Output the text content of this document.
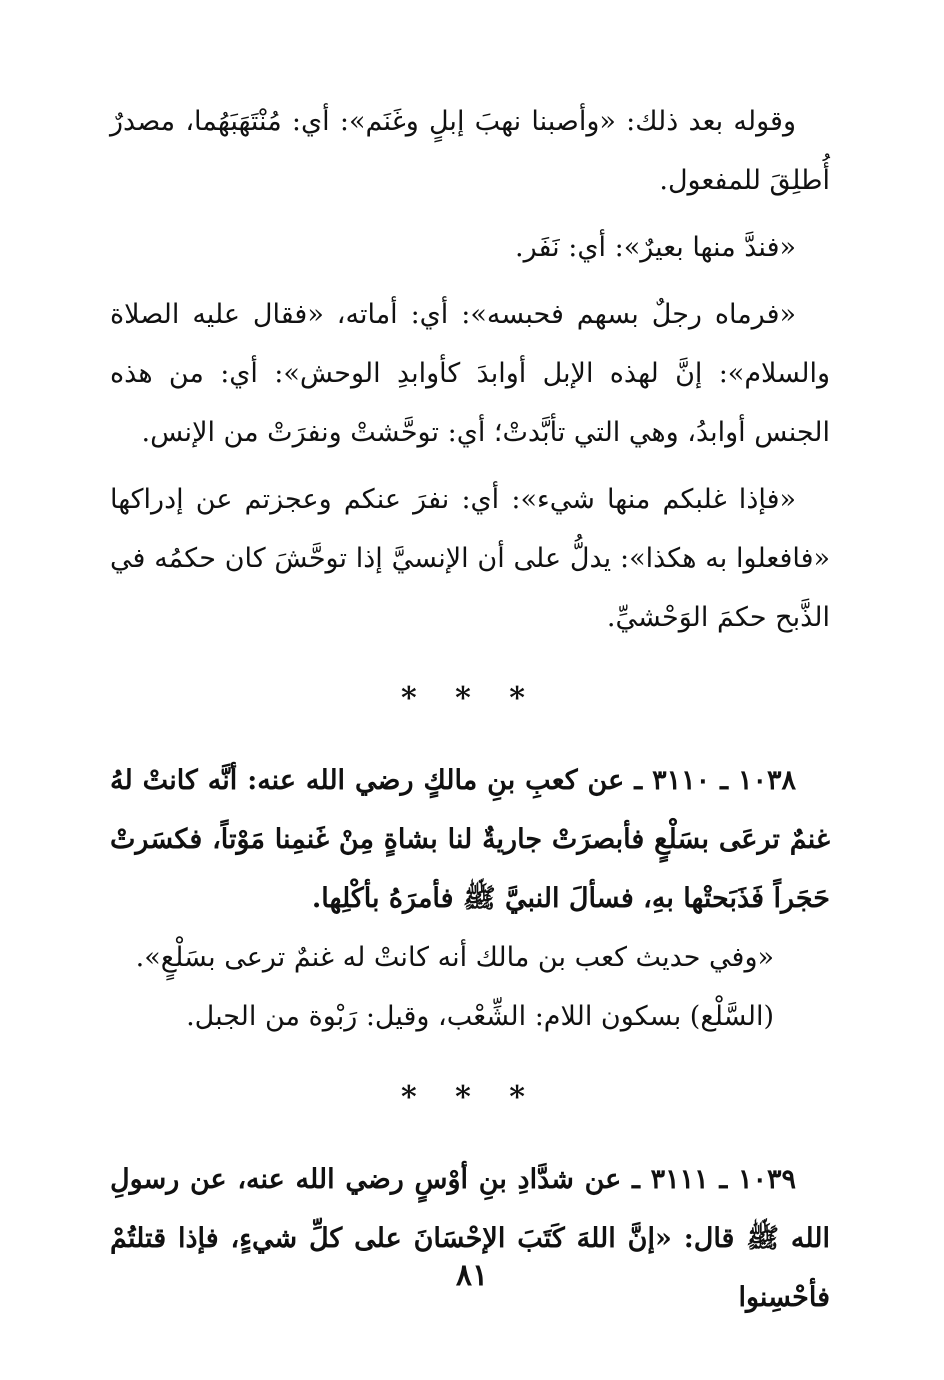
وقوله بعد ذلك: «وأصبنا نهبَ إبلٍ وغَنَم»: أي: مُنْتَهَبَهُما، مصدرٌ أُطلِقَ للمفعول.

«فندَّ منها بعيرٌ»: أي: نَفَر.

«فرماه رجلٌ بسهم فحبسه»: أي: أماته، «فقال عليه الصلاة والسلام»: إنَّ لهذه الإبل أوابدَ كأوابدِ الوحش»: أي: من هذه الجنس أوابدُ، وهي التي تأبَّدتْ؛ أي: توحَّشتْ ونفرَتْ من الإنس.

«فإذا غلبكم منها شيء»: أي: نفرَ عنكم وعجزتم عن إدراكها «فافعلوا به هكذا»: يدلُّ على أن الإنسيَّ إذا توحَّشَ كان حكمُه في الذَّبح حكمَ الوَحْشيِّ.

* * *

١٠٣٨ ـ ٣١١٠ ـ عن كعبِ بنِ مالكٍ رضي الله عنه: أنَّه كانتْ لهُ غنمٌ ترعَى بسَلْعٍ فأبصرَتْ جاريةٌ لنا بشاةٍ مِنْ غَنمِنا مَوْتاً، فكسَرتْ حَجَراً فَذَبَحتْها بهِ، فسألَ النبيَّ ﷺ فأمرَهُ بأكْلِها.

«وفي حديث كعب بن مالك أنه كانتْ له غنمٌ ترعى بسَلْعٍ».

(السَّلْع) بسكون اللام: الشِّعْب، وقيل: رَبْوة من الجبل.

* * *

١٠٣٩ ـ ٣١١١ ـ عن شدَّادِ بنِ أوْسٍ رضي الله عنه، عن رسولِ الله ﷺ قال: «إنَّ اللهَ كَتَبَ الإحْسَانَ على كلِّ شيءٍ، فإذا قتلتُمْ فأحْسِنوا

٨١
